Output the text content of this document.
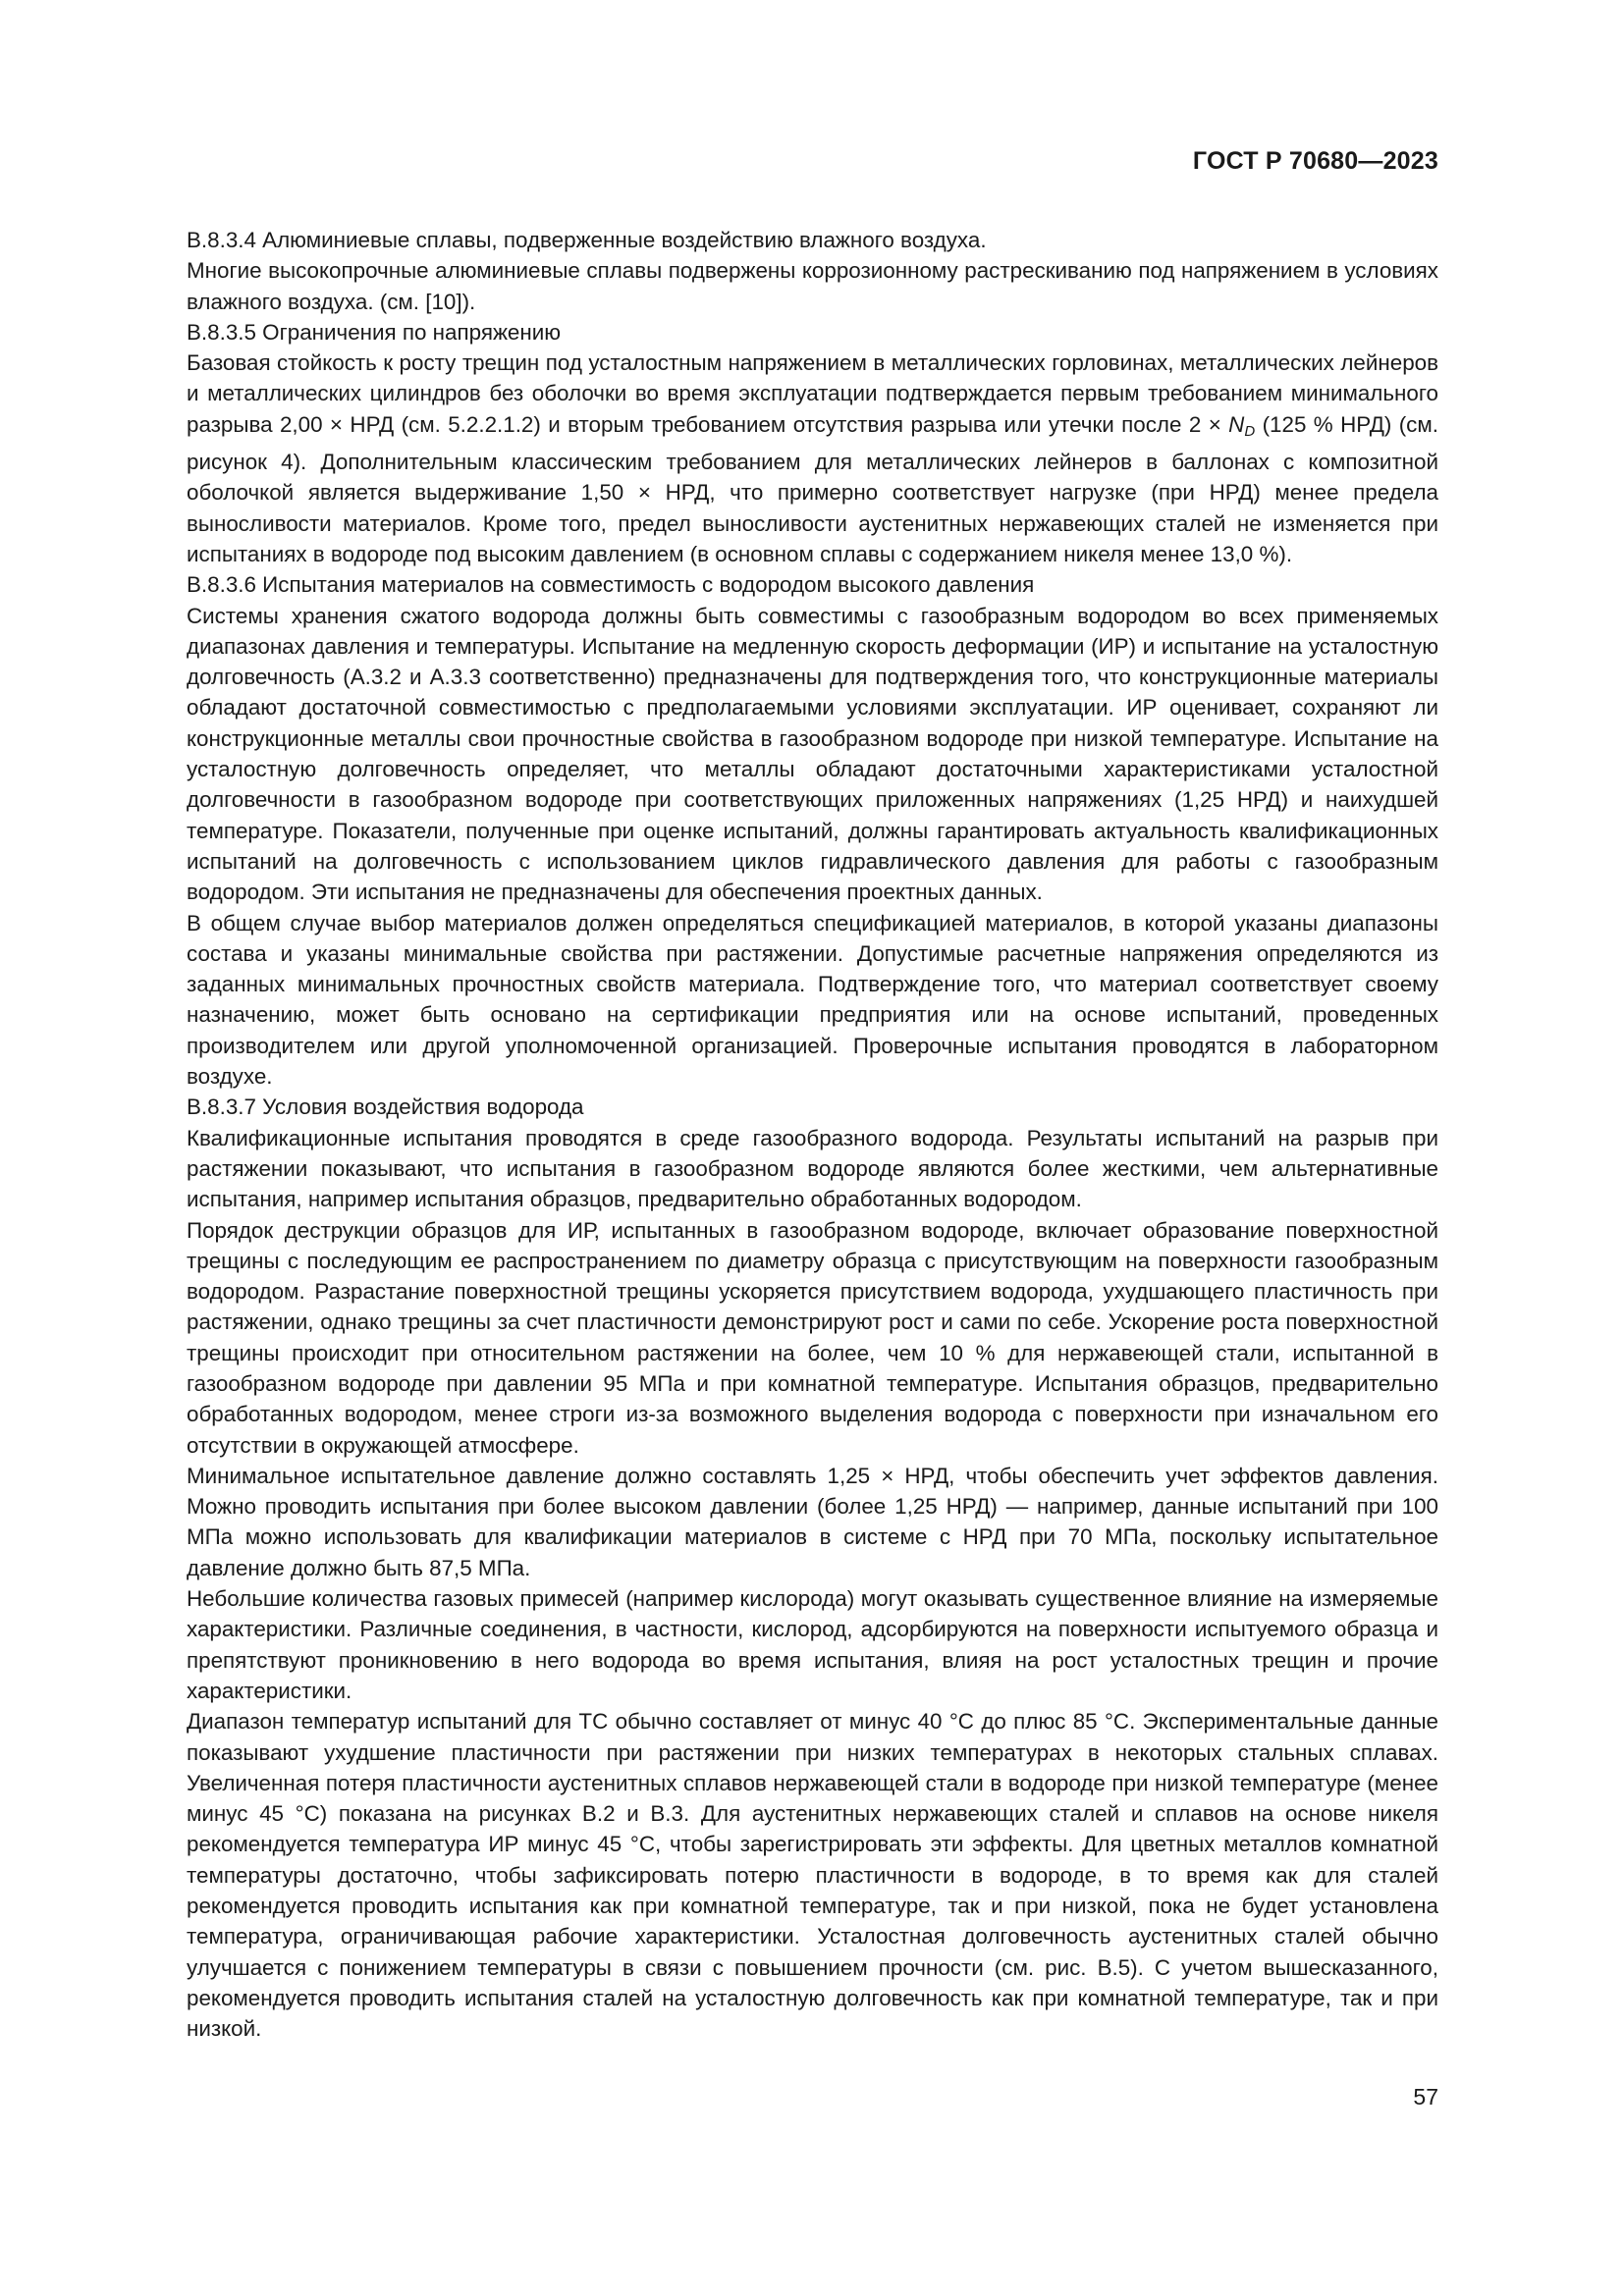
ГОСТ Р 70680—2023

В.8.3.4 Алюминиевые сплавы, подверженные воздействию влажного воздуха.

Многие высокопрочные алюминиевые сплавы подвержены коррозионному растрескиванию под напряжением в условиях влажного воздуха. (см. [10]).

В.8.3.5 Ограничения по напряжению

Базовая стойкость к росту трещин под усталостным напряжением в металлических горловинах, металлических лейнеров и металлических цилиндров без оболочки во время эксплуатации подтверждается первым требованием минимального разрыва 2,00 × НРД (см. 5.2.2.1.2) и вторым требованием отсутствия разрыва или утечки после $2 \times N_D$ (125 % НРД) (см. рисунок 4). Дополнительным классическим требованием для металлических лейнеров в баллонах с композитной оболочкой является выдерживание 1,50 × НРД, что примерно соответствует нагрузке (при НРД) менее предела выносливости материалов. Кроме того, предел выносливости аустенитных нержавеющих сталей не изменяется при испытаниях в водороде под высоким давлением (в основном сплавы с содержанием никеля менее 13,0 %).

В.8.3.6 Испытания материалов на совместимость с водородом высокого давления

Системы хранения сжатого водорода должны быть совместимы с газообразным водородом во всех применяемых диапазонах давления и температуры. Испытание на медленную скорость деформации (ИР) и испытание на усталостную долговечность (А.3.2 и А.3.3 соответственно) предназначены для подтверждения того, что конструкционные материалы обладают достаточной совместимостью с предполагаемыми условиями эксплуатации. ИР оценивает, сохраняют ли конструкционные металлы свои прочностные свойства в газообразном водороде при низкой температуре. Испытание на усталостную долговечность определяет, что металлы обладают достаточными характеристиками усталостной долговечности в газообразном водороде при соответствующих приложенных напряжениях (1,25 НРД) и наихудшей температуре. Показатели, полученные при оценке испытаний, должны гарантировать актуальность квалификационных испытаний на долговечность с использованием циклов гидравлического давления для работы с газообразным водородом. Эти испытания не предназначены для обеспечения проектных данных.

В общем случае выбор материалов должен определяться спецификацией материалов, в которой указаны диапазоны состава и указаны минимальные свойства при растяжении. Допустимые расчетные напряжения определяются из заданных минимальных прочностных свойств материала. Подтверждение того, что материал соответствует своему назначению, может быть основано на сертификации предприятия или на основе испытаний, проведенных производителем или другой уполномоченной организацией. Проверочные испытания проводятся в лабораторном воздухе.

В.8.3.7 Условия воздействия водорода

Квалификационные испытания проводятся в среде газообразного водорода. Результаты испытаний на разрыв при растяжении показывают, что испытания в газообразном водороде являются более жесткими, чем альтернативные испытания, например испытания образцов, предварительно обработанных водородом.

Порядок деструкции образцов для ИР, испытанных в газообразном водороде, включает образование поверхностной трещины с последующим ее распространением по диаметру образца с присутствующим на поверхности газообразным водородом. Разрастание поверхностной трещины ускоряется присутствием водорода, ухудшающего пластичность при растяжении, однако трещины за счет пластичности демонстрируют рост и сами по себе. Ускорение роста поверхностной трещины происходит при относительном растяжении на более, чем 10 % для нержавеющей стали, испытанной в газообразном водороде при давлении 95 МПа и при комнатной температуре. Испытания образцов, предварительно обработанных водородом, менее строги из-за возможного выделения водорода с поверхности при изначальном его отсутствии в окружающей атмосфере.

Минимальное испытательное давление должно составлять 1,25 × НРД, чтобы обеспечить учет эффектов давления. Можно проводить испытания при более высоком давлении (более 1,25 НРД) — например, данные испытаний при 100 МПа можно использовать для квалификации материалов в системе с НРД при 70 МПа, поскольку испытательное давление должно быть 87,5 МПа.

Небольшие количества газовых примесей (например кислорода) могут оказывать существенное влияние на измеряемые характеристики. Различные соединения, в частности, кислород, адсорбируются на поверхности испытуемого образца и препятствуют проникновению в него водорода во время испытания, влияя на рост усталостных трещин и прочие характеристики.

Диапазон температур испытаний для ТС обычно составляет от минус 40 °С до плюс 85 °С. Экспериментальные данные показывают ухудшение пластичности при растяжении при низких температурах в некоторых стальных сплавах. Увеличенная потеря пластичности аустенитных сплавов нержавеющей стали в водороде при низкой температуре (менее минус 45 °С) показана на рисунках В.2 и В.3. Для аустенитных нержавеющих сталей и сплавов на основе никеля рекомендуется температура ИР минус 45 °С, чтобы зарегистрировать эти эффекты. Для цветных металлов комнатной температуры достаточно, чтобы зафиксировать потерю пластичности в водороде, в то время как для сталей рекомендуется проводить испытания как при комнатной температуре, так и при низкой, пока не будет установлена температура, ограничивающая рабочие характеристики. Усталостная долговечность аустенитных сталей обычно улучшается с понижением температуры в связи с повышением прочности (см. рис. В.5). С учетом вышесказанного, рекомендуется проводить испытания сталей на усталостную долговечность как при комнатной температуре, так и при низкой.

57
